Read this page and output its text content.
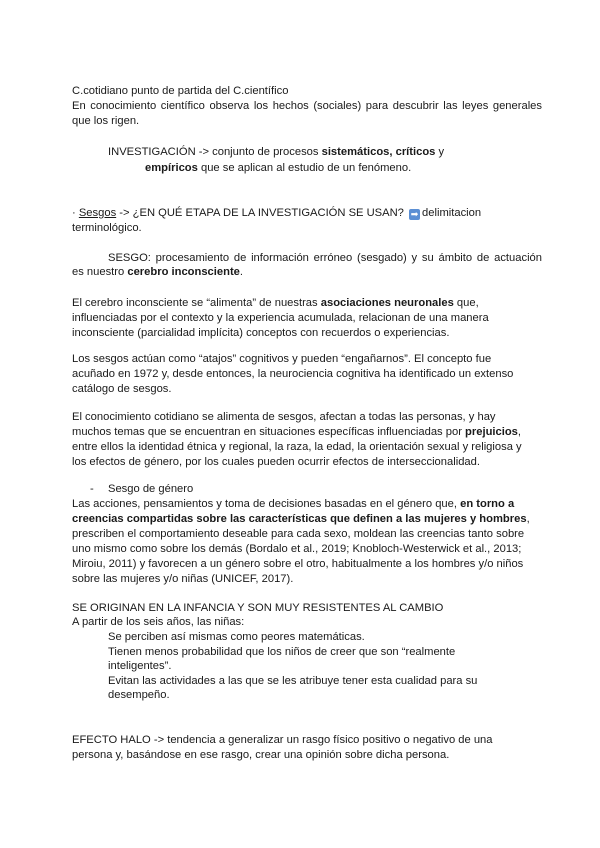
C.cotidiano punto de partida del C.científico
En conocimiento científico observa los hechos (sociales) para descubrir las leyes generales
que los rigen.
INVESTIGACIÓN -> conjunto de procesos sistemáticos, críticos y
empíricos que se aplican al estudio de un fenómeno.
· Sesgos -> ¿EN QUÉ ETAPA DE LA INVESTIGACIÓN SE USAN? ➡ delimitacion
terminológico.
SESGO: procesamiento de información erróneo (sesgado) y su ámbito de actuación
es nuestro cerebro inconsciente.
El cerebro inconsciente se “alimenta” de nuestras asociaciones neuronales que,
influenciadas por el contexto y la experiencia acumulada, relacionan de una manera
inconsciente (parcialidad implícita) conceptos con recuerdos o experiencias.
Los sesgos actúan como “atajos” cognitivos y pueden “engañarnos”. El concepto fue
acuñado en 1972 y, desde entonces, la neurociencia cognitiva ha identificado un extenso
catálogo de sesgos.
El conocimiento cotidiano se alimenta de sesgos, afectan a todas las personas, y hay
muchos temas que se encuentran en situaciones específicas influenciadas por prejuicios,
entre ellos la identidad étnica y regional, la raza, la edad, la orientación sexual y religiosa y
los efectos de género, por los cuales pueden ocurrir efectos de interseccionalidad.
- Sesgo de género
Las acciones, pensamientos y toma de decisiones basadas en el género que, en torno a
creencias compartidas sobre las características que definen a las mujeres y hombres,
prescriben el comportamiento deseable para cada sexo, moldean las creencias tanto sobre
uno mismo como sobre los demás (Bordalo et al., 2019; Knobloch-Westerwick et al., 2013;
Miroiu, 2011) y favorecen a un género sobre el otro, habitualmente a los hombres y/o niños
sobre las mujeres y/o niñas (UNICEF, 2017).
SE ORIGINAN EN LA INFANCIA Y SON MUY RESISTENTES AL CAMBIO
A partir de los seis años, las niñas:
Se perciben así mismas como peores matemáticas.
Tienen menos probabilidad que los niños de creer que son “realmente
inteligentes”.
Evitan las actividades a las que se les atribuye tener esta cualidad para su
desempeño.
EFECTO HALO -> tendencia a generalizar un rasgo físico positivo o negativo de una
persona y, basándose en ese rasgo, crear una opinión sobre dicha persona.
